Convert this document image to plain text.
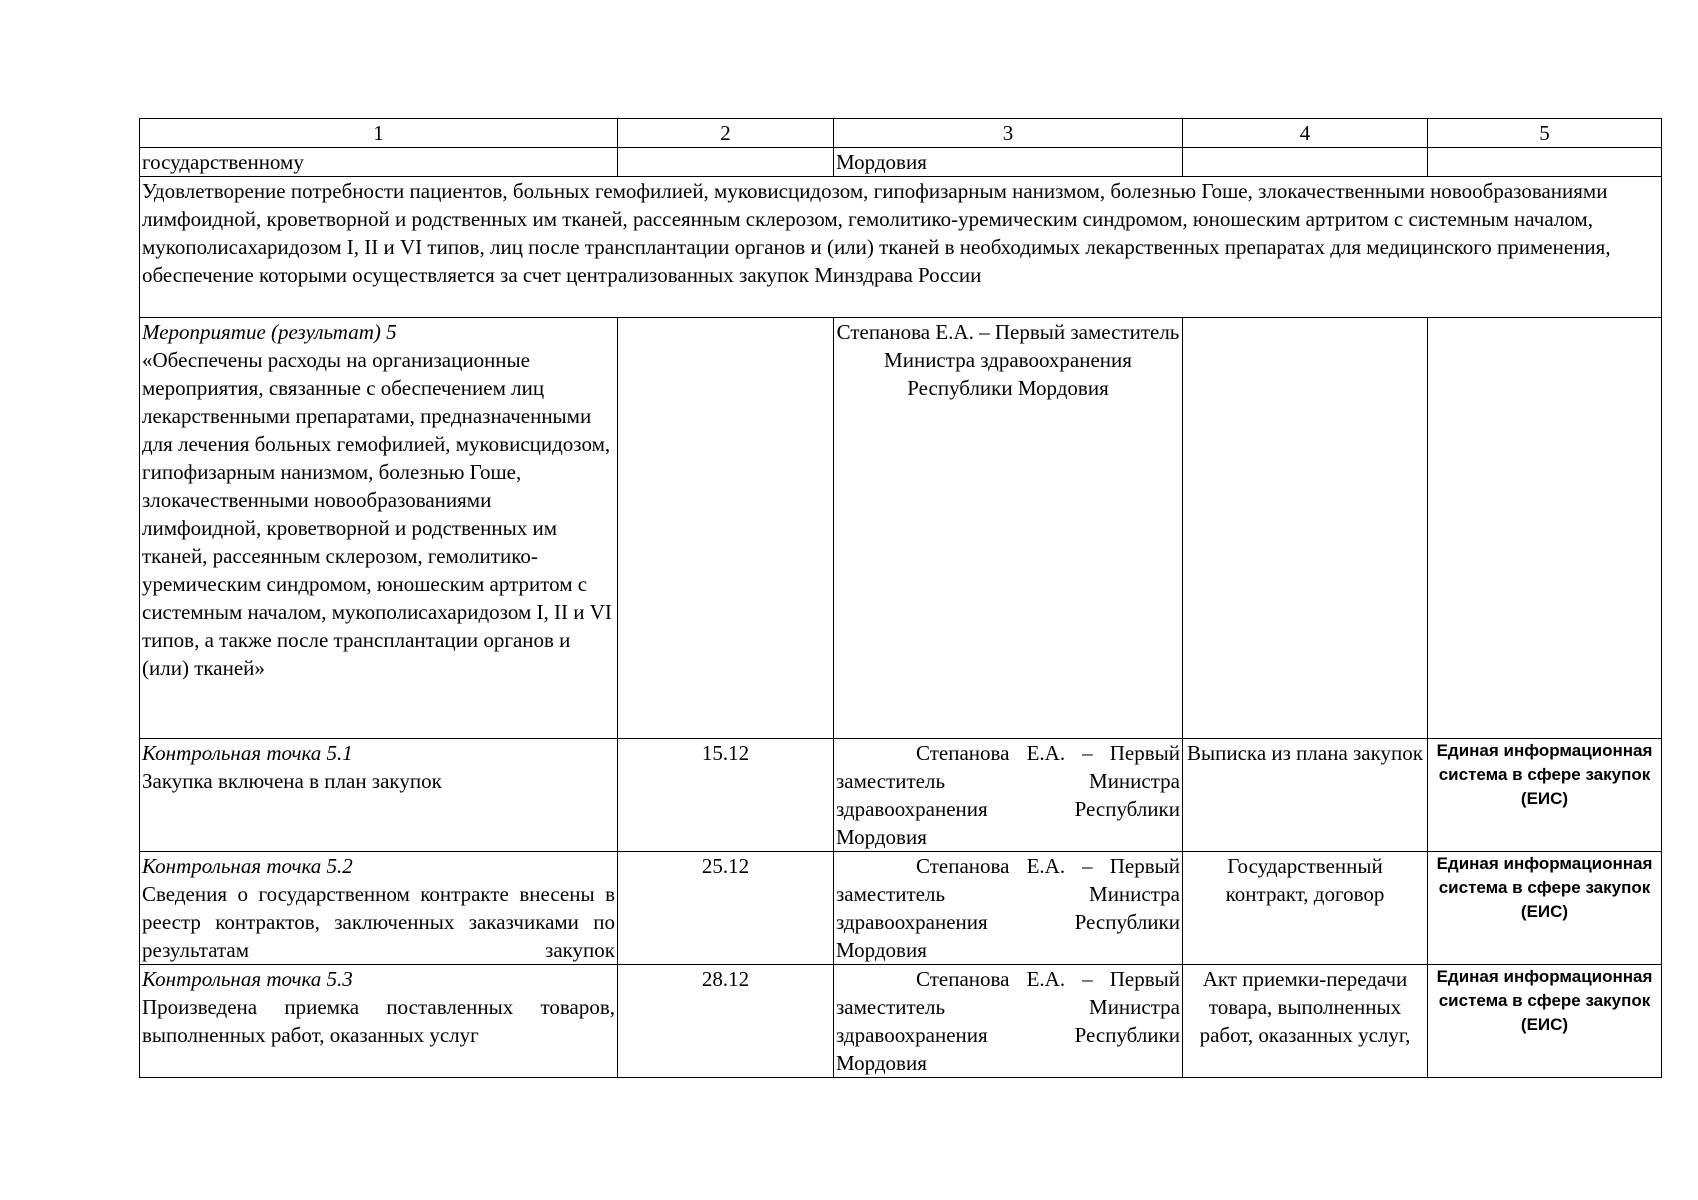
1	2	3	4	5
государственному		Мордовия		
Удовлетворение потребности пациентов, больных гемофилией, муковисцидозом, гипофизарным нанизмом, болезнью Гоше, злокачественными новообразованиями лимфоидной, кроветворной и родственных им тканей, рассеянным склерозом, гемолитико-уремическим синдромом, юношеским артритом с системным началом, мукополисахаридозом I, II и VI типов, лиц после трансплантации органов и (или) тканей в необходимых лекарственных препаратах для медицинского применения, обеспечение которыми осуществляется за счет централизованных закупок Минздрава России				

Мероприятие (результат) 5
«Обеспечены расходы на организационные мероприятия, связанные с обеспечением лиц лекарственными препаратами, предназначенными для лечения больных гемофилией, муковисцидозом, гипофизарным нанизмом, болезнью Гоше, злокачественными новообразованиями лимфоидной, кроветворной и родственных им тканей, рассеянным склерозом, гемолитико-уремическим синдромом, юношеским артритом с системным началом, мукополисахаридозом I, II и VI типов, а также после трансплантации органов и (или) тканей»		Степанова Е.А. – Первый заместитель Министра здравоохранения Республики Мордовия		

Контрольная точка 5.1
Закупка включена в план закупок	15.12	Степанова Е.А. – Первый заместитель Министра здравоохранения Республики Мордовия	Выписка из плана закупок	Единая информационная система в сфере закупок (ЕИС)

Контрольная точка 5.2
Сведения о государственном контракте внесены в реестр контрактов, заключенных заказчиками по результатам закупок	25.12	Степанова Е.А. – Первый заместитель Министра здравоохранения Республики Мордовия	Государственный контракт, договор	Единая информационная система в сфере закупок (ЕИС)

Контрольная точка 5.3
Произведена приемка поставленных товаров, выполненных работ, оказанных услуг	28.12	Степанова Е.А. – Первый заместитель Министра здравоохранения Республики Мордовия	Акт приемки-передачи товара, выполненных работ, оказанных услуг,	Единая информационная система в сфере закупок (ЕИС)
